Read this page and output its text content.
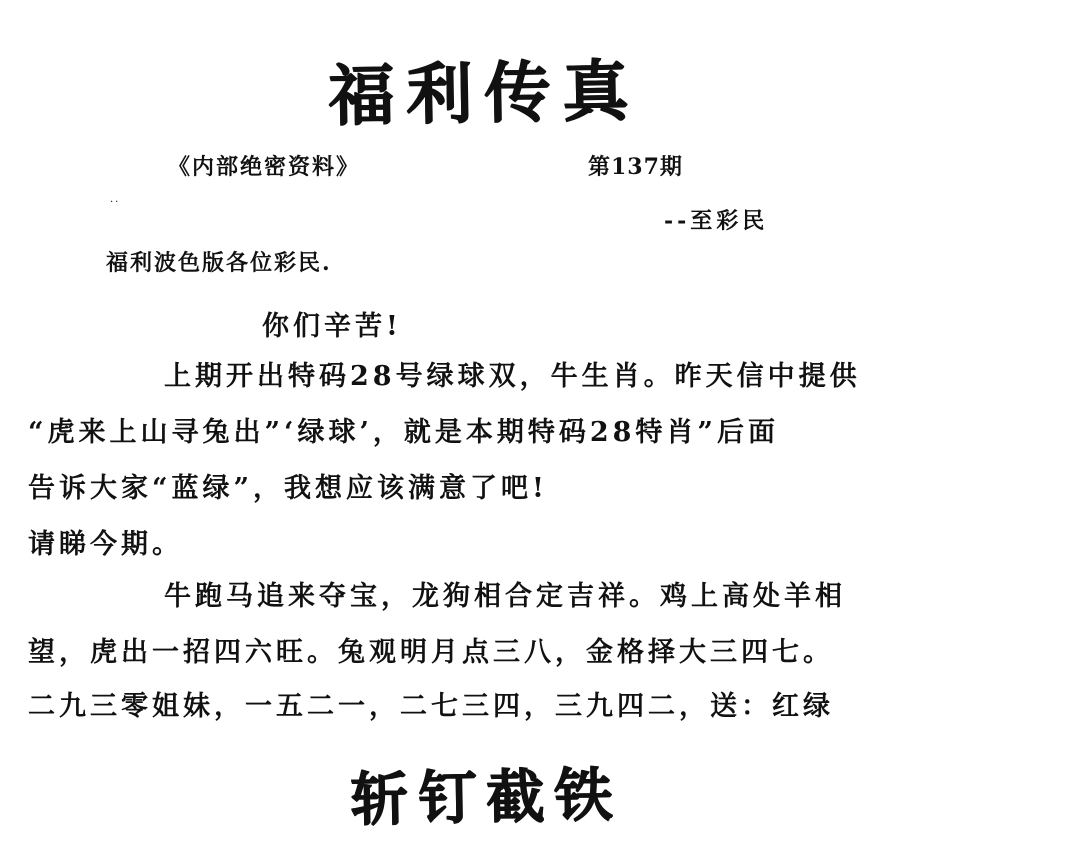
福利传真
《内部绝密资料》	第137期
..
--至彩民
福利波色版各位彩民.
你们辛苦!
上期开出特码28号绿球双，牛生肖。昨天信中提供
“虎来上山寻兔出”‘绿球’，就是本期特码28特肖”后面
告诉大家“蓝绿”，我想应该满意了吧!
请睇今期。
牛跑马追来夺宝，龙狗相合定吉祥。鸡上高处羊相
望，虎出一招四六旺。兔观明月点三八，金格择大三四七。
二九三零姐妹，一五二一，二七三四，三九四二，送：红绿
斩钉截铁
